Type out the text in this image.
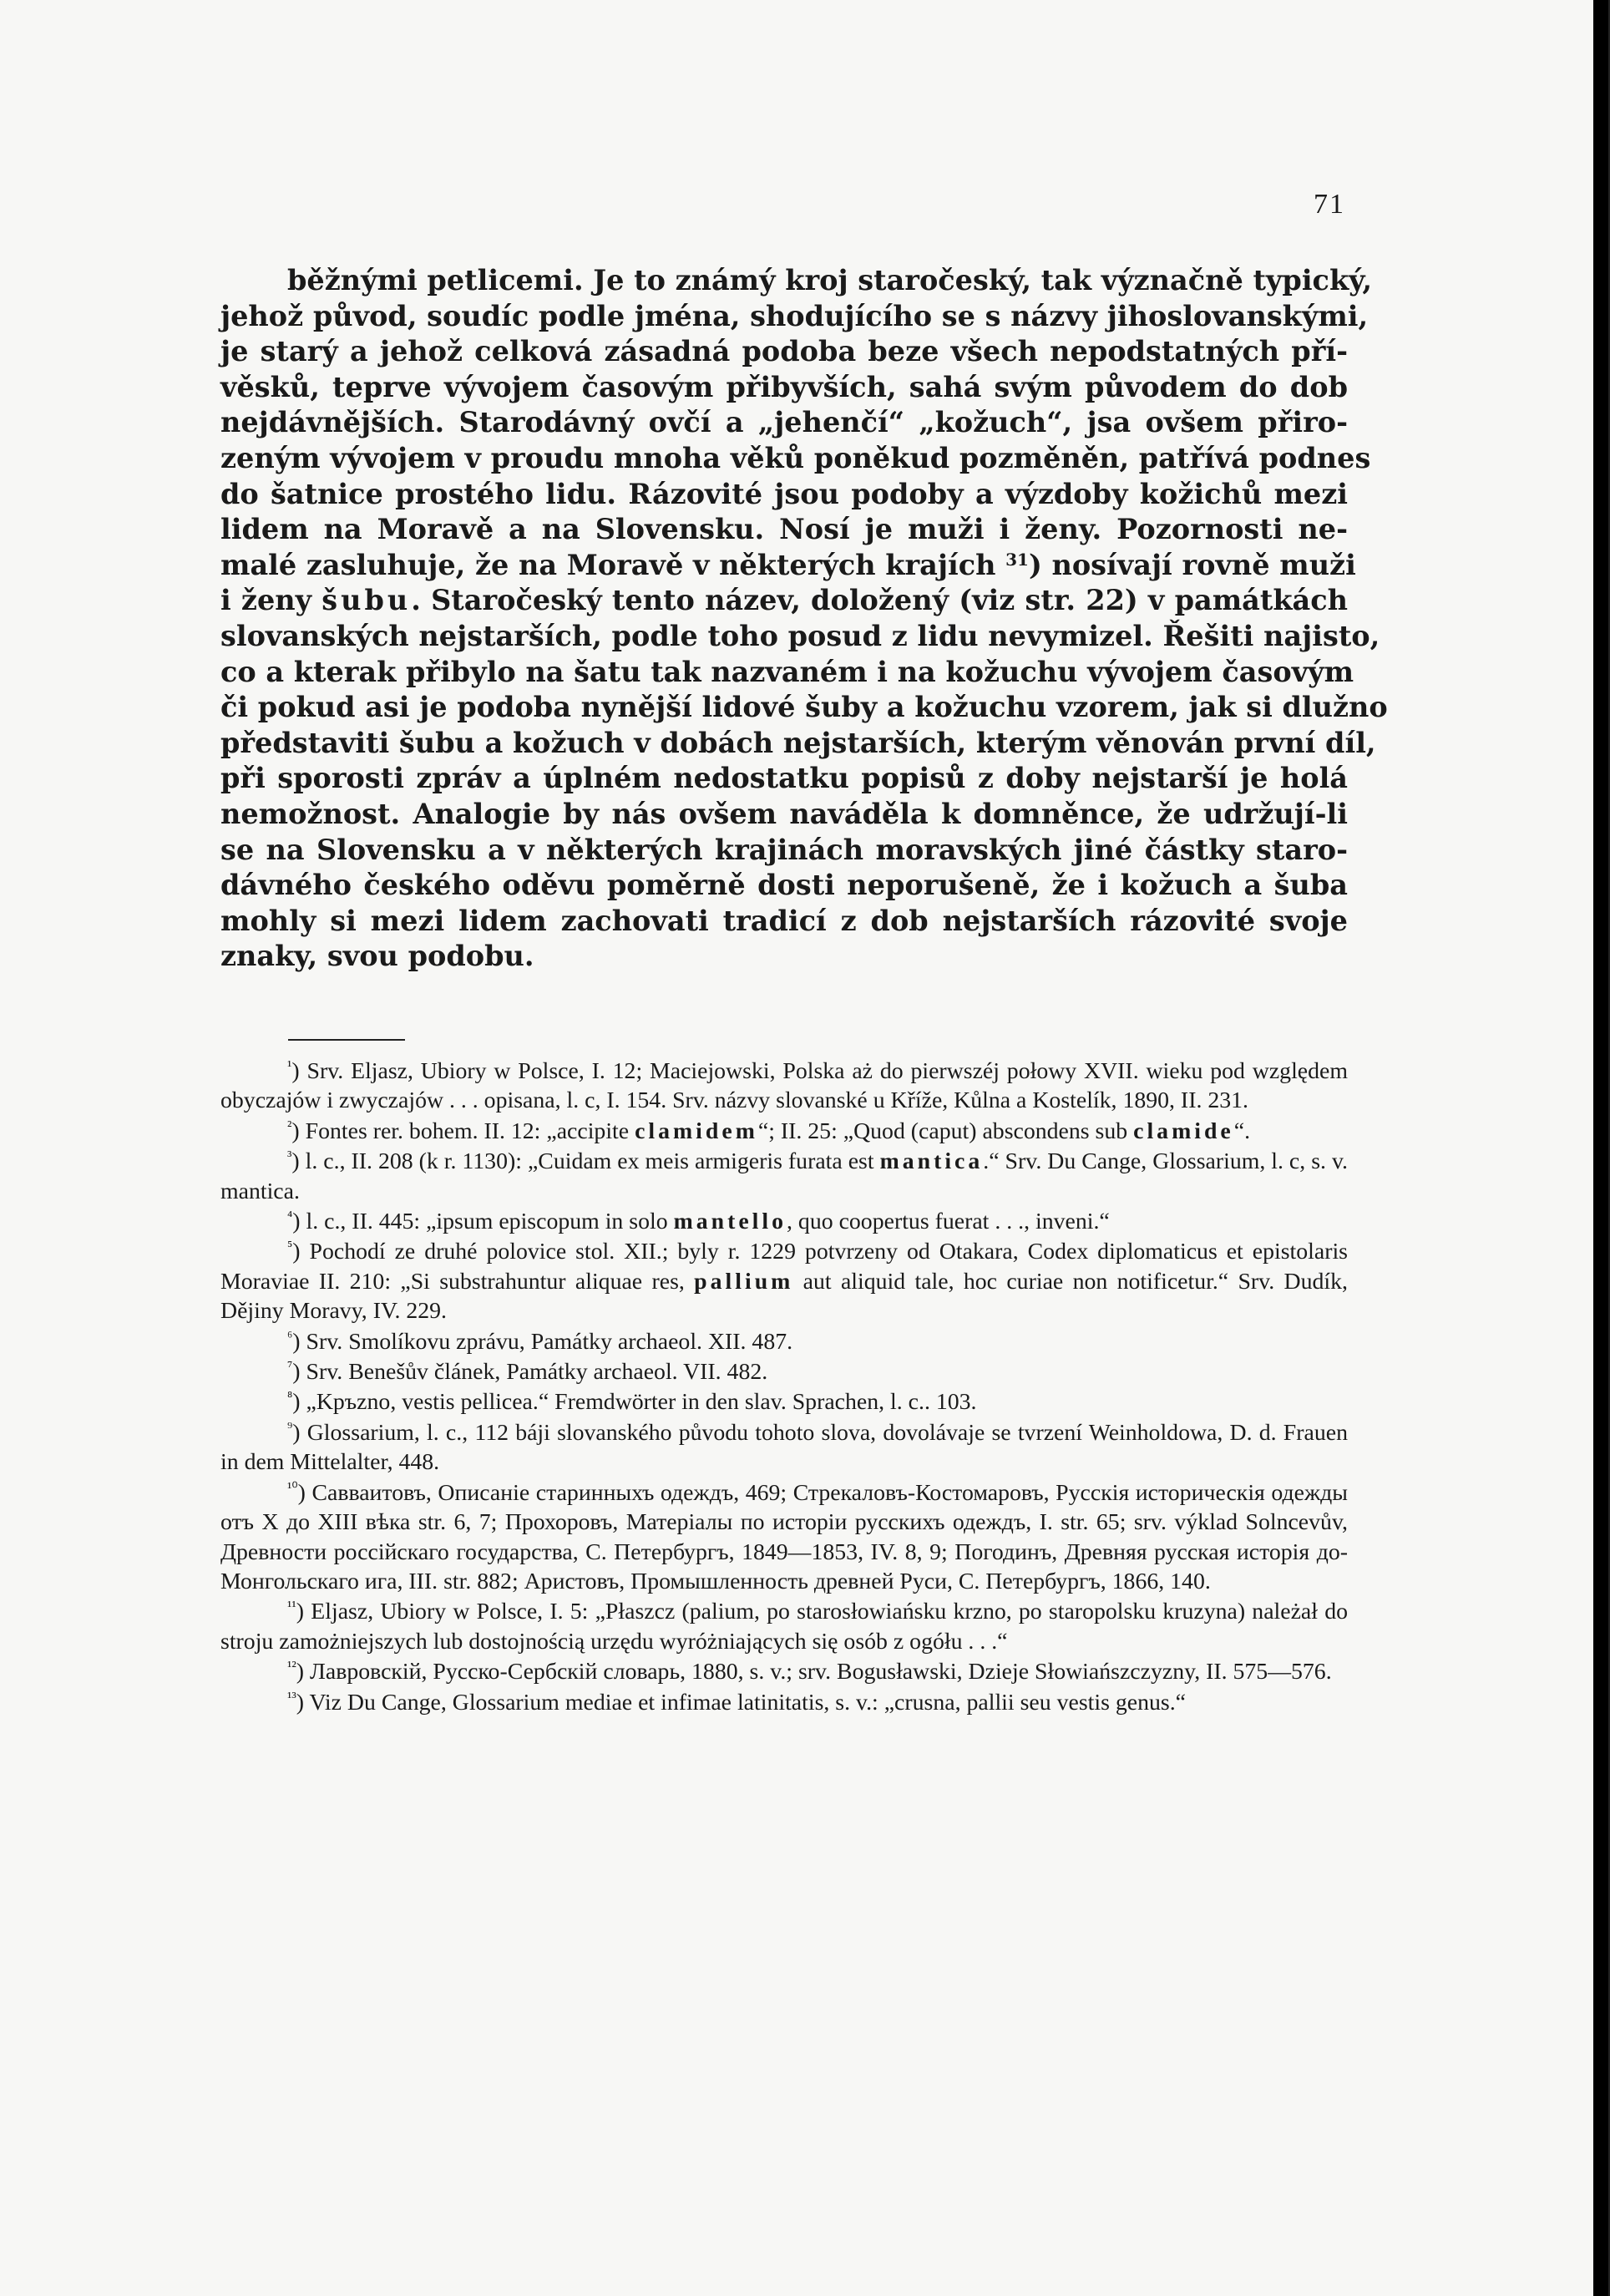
71
běžnými petlicemi. Je to známý kroj staročeský, tak význačně typický,
jehož původ, soudíc podle jména, shodujícího se s názvy jihoslovanskými,
je starý a jehož celková zásadná podoba beze všech nepodstatných pří-
věsků, teprve vývojem časovým přibyvších, sahá svým původem do dob
nejdávnějších. Starodávný ovčí a „jehenčí“ „kožuch“, jsa ovšem přiro-
zeným vývojem v proudu mnoha věků poněkud pozměněn, patřívá podnes
do šatnice prostého lidu. Rázovité jsou podoby a výzdoby kožichů mezi
lidem na Moravě a na Slovensku. Nosí je muži i ženy. Pozornosti ne-
malé zasluhuje, že na Moravě v některých krajích $^{31}$) nosívají rovně muži
i ženy šubu. Staročeský tento název, doložený (viz str. 22) v památkách
slovanských nejstarších, podle toho posud z lidu nevymizel. Řešiti najisto,
co a kterak přibylo na šatu tak nazvaném i na kožuchu vývojem časovým
či pokud asi je podoba nynější lidové šuby a kožuchu vzorem, jak si dlužno
představiti šubu a kožuch v dobách nejstarších, kterým věnován první díl,
při sporosti zpráv a úplném nedostatku popisů z doby nejstarší je holá
nemožnost. Analogie by nás ovšem naváděla k domněnce, že udržují-li
se na Slovensku a v některých krajinách moravských jiné částky staro-
dávného českého oděvu poměrně dosti neporušeně, že i kožuch a šuba
mohly si mezi lidem zachovati tradicí z dob nejstarších rázovité svoje
znaky, svou podobu.
$^{^1}$) Srv. Eljasz, Ubiory w Polsce, I. 12; Maciejowski, Polska aż do pierwszéj połowy XVII. wieku pod względem obyczajów i zwyczajów . . . opisana, l. c, I. 154. Srv. názvy slovanské u Kříže, Kůlna a Kostelík, 1890, II. 231.
$^{^2}$) Fontes rer. bohem. II. 12: „accipite clamidem“; II. 25: „Quod (caput) abscondens sub clamide“.
$^{^3}$) l. c., II. 208 (k r. 1130): „Cuidam ex meis armigeris furata est mantica.“ Srv. Du Cange, Glossarium, l. c, s. v. mantica.
$^{^4}$) l. c., II. 445: „ipsum episcopum in solo mantello, quo coopertus fuerat . . ., inveni.“
$^{^5}$) Pochodí ze druhé polovice stol. XII.; byly r. 1229 potvrzeny od Otakara, Codex diplomaticus et epistolaris Moraviae II. 210: „Si substrahuntur aliquae res, pallium aut aliquid tale, hoc curiae non notificetur.“ Srv. Dudík, Dějiny Moravy, IV. 229.
$^{^6}$) Srv. Smolíkovu zprávu, Památky archaeol. XII. 487.
$^{^7}$) Srv. Benešův článek, Památky archaeol. VII. 482.
$^{^8}$) „Kръzno, vestis pellicea.“ Fremdwörter in den slav. Sprachen, l. c.. 103.
$^{^9}$) Glossarium, l. c., 112 báji slovanského původu tohoto slova, dovolávaje se tvrzení Weinholdowa, D. d. Frauen in dem Mittelalter, 448.
$^{^{10}}$) Савваитовъ, Описаніе старинныхъ одеждъ, 469; Стрекаловъ-Костомаровъ, Русскія историческія одежды отъ X до XIII вѣка str. 6, 7; Прохоровъ, Матеріалы по исторіи русскихъ одеждъ, I. str. 65; srv. výklad Solncevův, Древности россійскаго государства, С. Петербургъ, 1849—1853, IV. 8, 9; Погодинъ, Древняя русская исторія до-Монгольскаго ига, III. str. 882; Аристовъ, Промышленность древней Руси, С. Петербургъ, 1866, 140.
$^{^{11}}$) Eljasz, Ubiory w Polsce, I. 5: „Płaszcz (palium, po starosłowiańsku krzno, po staropolsku kruzyna) należał do stroju zamożniejszych lub dostojnością urzędu wyróżniających się osób z ogółu . . .“
$^{^{12}}$) Лавровскій, Русско-Сербскій словарь, 1880, s. v.; srv. Bogusławski, Dzieje Słowiańszczyzny, II. 575—576.
$^{^{13}}$) Viz Du Cange, Glossarium mediae et infimae latinitatis, s. v.: „crusna, pallii seu vestis genus.“
